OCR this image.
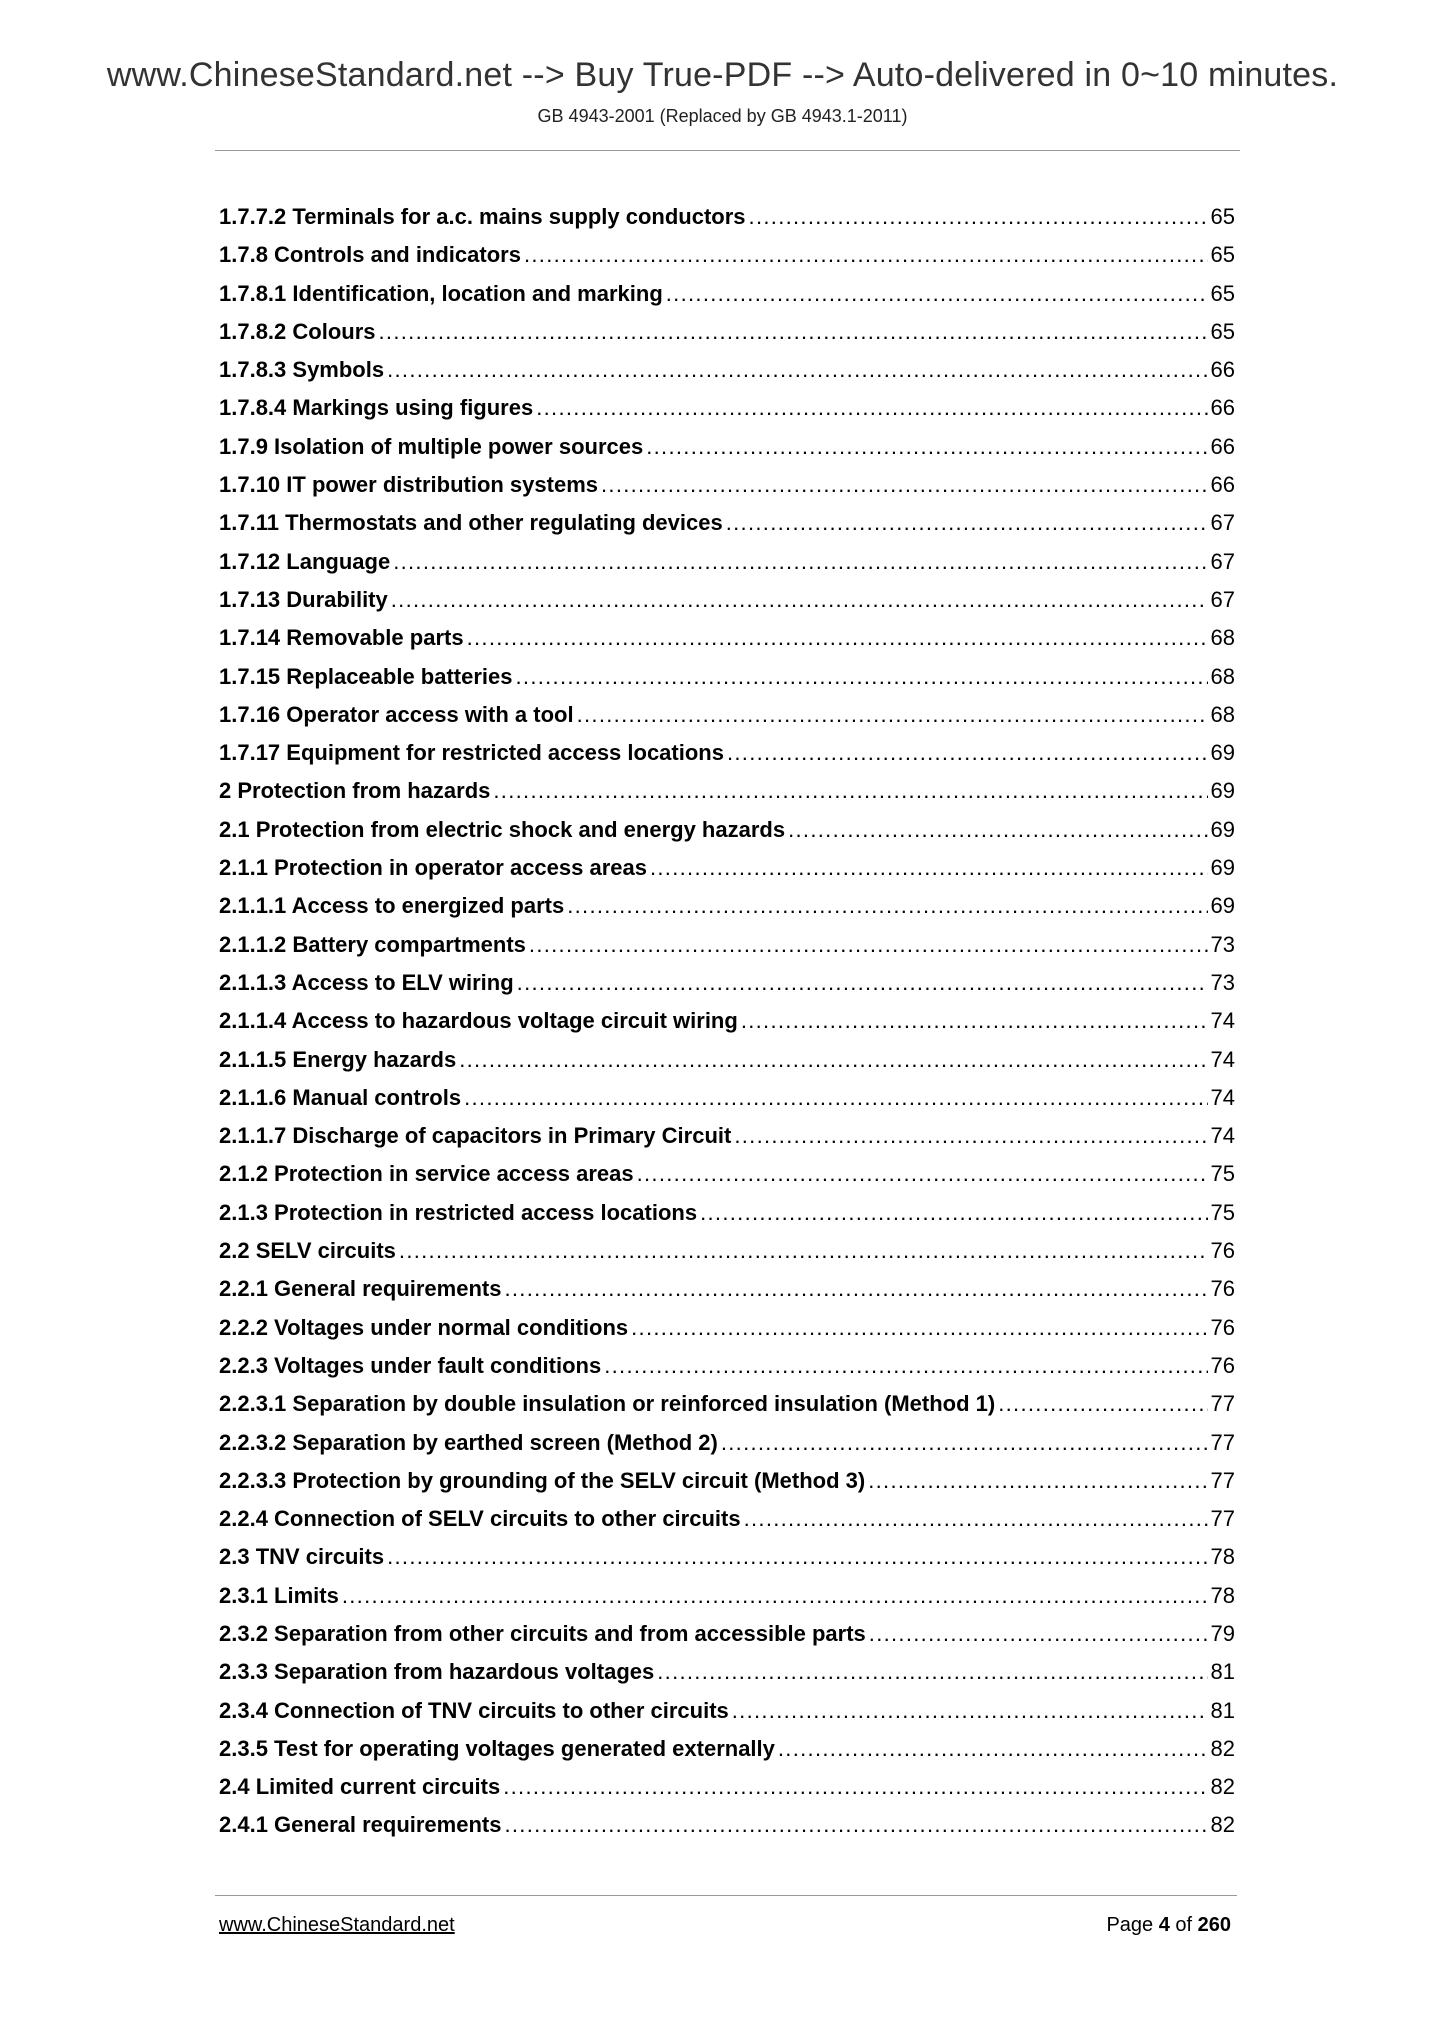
www.ChineseStandard.net --> Buy True-PDF --> Auto-delivered in 0~10 minutes.
GB 4943-2001 (Replaced by GB 4943.1-2011)
1.7.7.2 Terminals for a.c. mains supply conductors .....	65
1.7.8 Controls and indicators .....	65
1.7.8.1 Identification, location and marking .....	65
1.7.8.2 Colours .....	65
1.7.8.3 Symbols .....	66
1.7.8.4 Markings using figures .....	66
1.7.9 Isolation of multiple power sources .....	66
1.7.10 IT power distribution systems .....	66
1.7.11 Thermostats and other regulating devices .....	67
1.7.12 Language .....	67
1.7.13 Durability .....	67
1.7.14 Removable parts .....	68
1.7.15 Replaceable batteries .....	68
1.7.16 Operator access with a tool .....	68
1.7.17 Equipment for restricted access locations .....	69
2 Protection from hazards .....	69
2.1 Protection from electric shock and energy hazards .....	69
2.1.1 Protection in operator access areas .....	69
2.1.1.1 Access to energized parts .....	69
2.1.1.2 Battery compartments .....	73
2.1.1.3 Access to ELV wiring .....	73
2.1.1.4 Access to hazardous voltage circuit wiring .....	74
2.1.1.5 Energy hazards .....	74
2.1.1.6 Manual controls .....	74
2.1.1.7 Discharge of capacitors in Primary Circuit .....	74
2.1.2 Protection in service access areas .....	75
2.1.3 Protection in restricted access locations .....	75
2.2 SELV circuits .....	76
2.2.1 General requirements .....	76
2.2.2 Voltages under normal conditions .....	76
2.2.3 Voltages under fault conditions .....	76
2.2.3.1 Separation by double insulation or reinforced insulation (Method 1) .....	77
2.2.3.2 Separation by earthed screen (Method 2) .....	77
2.2.3.3 Protection by grounding of the SELV circuit (Method 3) .....	77
2.2.4 Connection of SELV circuits to other circuits .....	77
2.3 TNV circuits .....	78
2.3.1 Limits .....	78
2.3.2 Separation from other circuits and from accessible parts .....	79
2.3.3 Separation from hazardous voltages .....	81
2.3.4 Connection of TNV circuits to other circuits .....	81
2.3.5 Test for operating voltages generated externally .....	82
2.4 Limited current circuits .....	82
2.4.1 General requirements .....	82
www.ChineseStandard.net	Page 4 of 260
